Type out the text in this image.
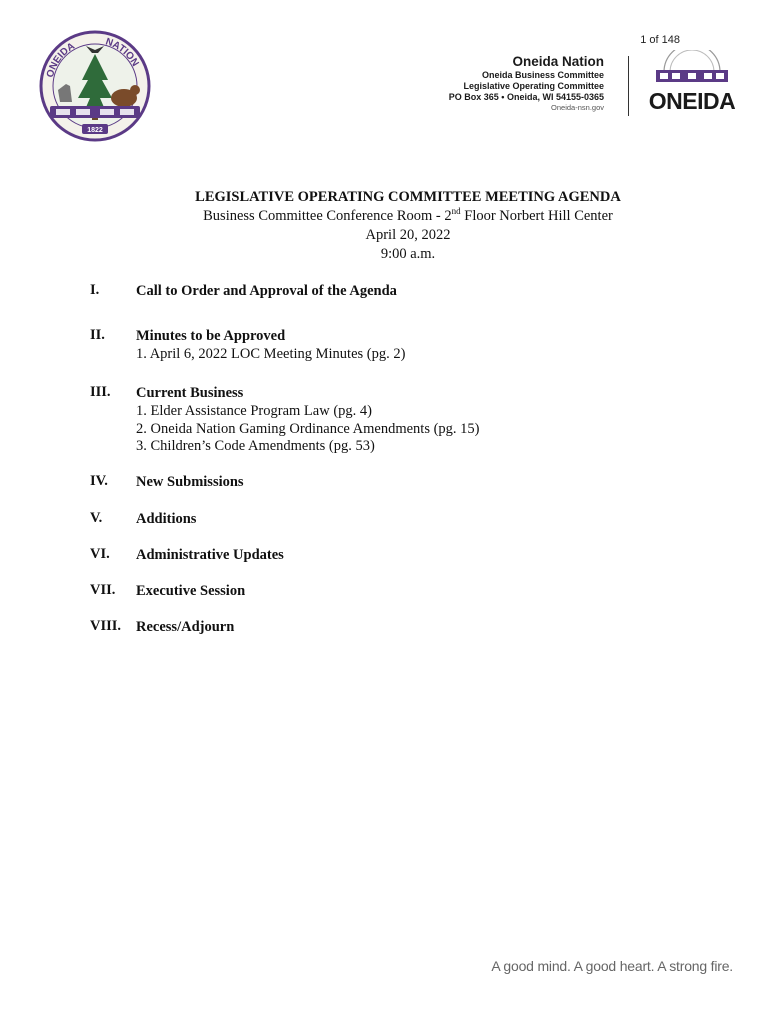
1 of 148
ONEIDA	NATION
1822
Oneida Nation
Oneida Business Committee
Legislative Operating Committee
PO Box 365 • Oneida, WI 54155-0365
Oneida-nsn.gov ONEIDA
LEGISLATIVE OPERATING COMMITTEE MEETING AGENDA
Business Committee Conference Room - 2nd Floor Norbert Hill Center
April 20, 2022
9:00 a.m.
I.	Call to Order and Approval of the Agenda
II. Minutes to be Approved
1. April 6, 2022 LOC Meeting Minutes (pg. 2)
III. Current Business
1. Elder Assistance Program Law (pg. 4)
2. Oneida Nation Gaming Ordinance Amendments (pg. 15)
3. Children’s Code Amendments (pg. 53)
IV. New Submissions
V. Additions
VI. Administrative Updates
VII. Executive Session
VIII. Recess/Adjourn
A good mind. A good heart. A strong fire.
